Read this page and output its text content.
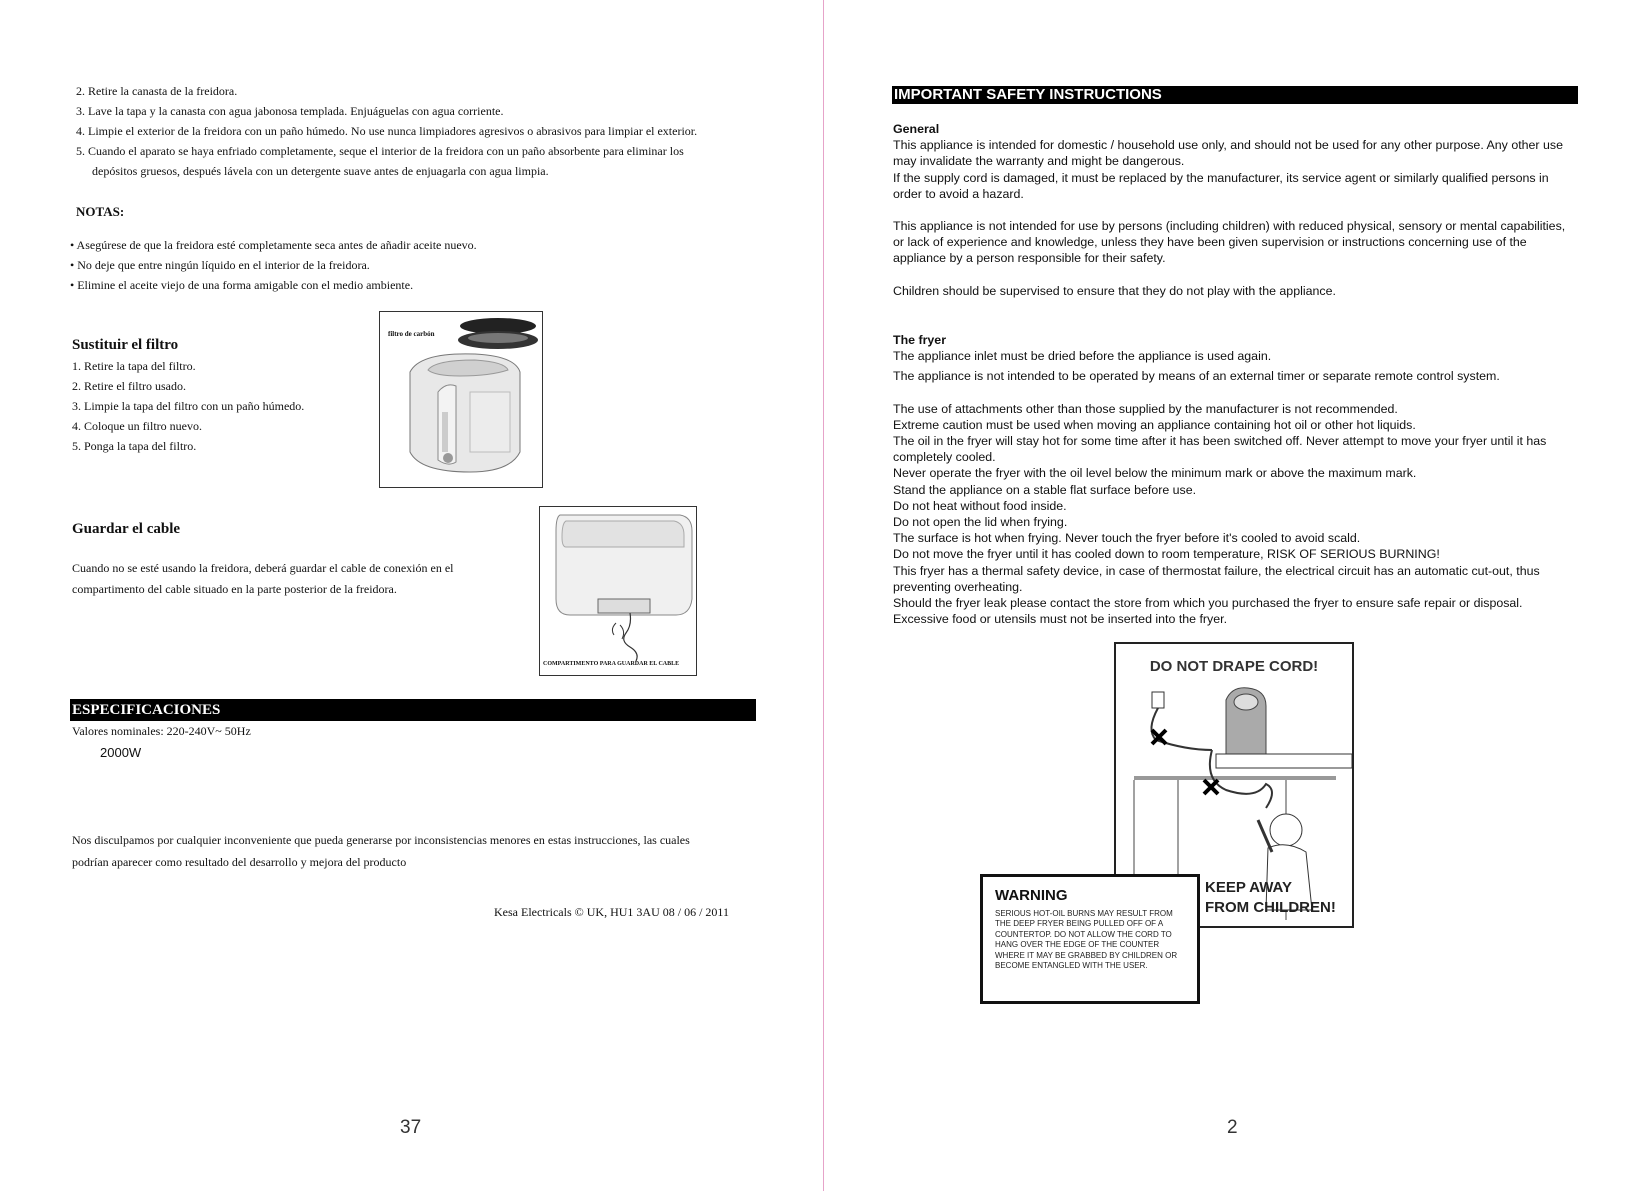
2. Retire la canasta de la freidora.
3. Lave la tapa y la canasta con agua jabonosa templada. Enjuáguelas con agua corriente.
4. Limpie el exterior de la freidora con un paño húmedo. No use nunca limpiadores agresivos o abrasivos para limpiar el exterior.
5. Cuando el aparato se haya enfriado completamente, seque el interior de la freidora con un paño absorbente para eliminar los
depósitos gruesos, después lávela con un detergente suave antes de enjuagarla con agua limpia.
NOTAS:
• Asegúrese de que la freidora esté completamente seca antes de añadir aceite nuevo.
• No deje que entre ningún líquido en el interior de la freidora.
• Elimine el aceite viejo de una forma amigable con el medio ambiente.
Sustituir el filtro
1. Retire la tapa del filtro.
2. Retire el filtro usado.
3. Limpie la tapa del filtro con un paño húmedo.
4. Coloque un filtro nuevo.
5. Ponga la tapa del filtro.
filtro de carbón
Guardar el cable
Cuando no se esté usando la freidora, deberá guardar el cable de conexión en el
compartimento del cable situado en la parte posterior de la freidora.
COMPARTIMENTO PARA GUARDAR EL CABLE
ESPECIFICACIONES
Valores nominales: 220-240V~ 50Hz
2000W
Nos disculpamos por cualquier inconveniente que pueda generarse por inconsistencias menores en estas instrucciones, las cuales
podrían aparecer como resultado del desarrollo y mejora del producto
Kesa Electricals © UK, HU1 3AU 08 / 06 / 2011
37
IMPORTANT SAFETY INSTRUCTIONS

General

This appliance is intended for domestic / household use only, and should not be used for any other purpose. Any other use may invalidate the warranty and might be dangerous.

If the supply cord is damaged, it must be replaced by the manufacturer, its service agent or similarly qualified persons in order to avoid a hazard.

This appliance is not intended for use by persons (including children) with reduced physical, sensory or mental capabilities, or lack of experience and knowledge, unless they have been given supervision or instructions concerning use of the appliance by a person responsible for their safety.

Children should be supervised to ensure that they do not play with the appliance.

The fryer

The appliance inlet must be dried before the appliance is used again.

The appliance is not intended to be operated by means of an external timer or separate remote control system.

The use of attachments other than those supplied by the manufacturer is not recommended.

Extreme caution must be used when moving an appliance containing hot oil or other hot liquids.

The oil in the fryer will stay hot for some time after it has been switched off. Never attempt to move your fryer until it has completely cooled.

Never operate the fryer with the oil level below the minimum mark or above the maximum mark.

Stand the appliance on a stable flat surface before use.

Do not heat without food inside.

Do not open the lid when frying.

The surface is hot when frying. Never touch the fryer before it's cooled to avoid scald.

Do not move the fryer until it has cooled down to room temperature, RISK OF SERIOUS BURNING!

This fryer has a thermal safety device, in case of thermostat failure, the electrical circuit has an automatic cut-out, thus preventing overheating.

Should the fryer leak please contact the store from which you purchased the fryer to ensure safe repair or disposal.

Excessive food or utensils must not be inserted into the fryer.

DO NOT DRAPE CORD!
WARNING
SERIOUS HOT-OIL BURNS MAY RESULT FROM THE DEEP FRYER BEING PULLED OFF OF A COUNTERTOP. DO NOT ALLOW THE CORD TO HANG OVER THE EDGE OF THE COUNTER WHERE IT MAY BE GRABBED BY CHILDREN OR BECOME ENTANGLED WITH THE USER.
KEEP AWAY
FROM CHILDREN!
2
